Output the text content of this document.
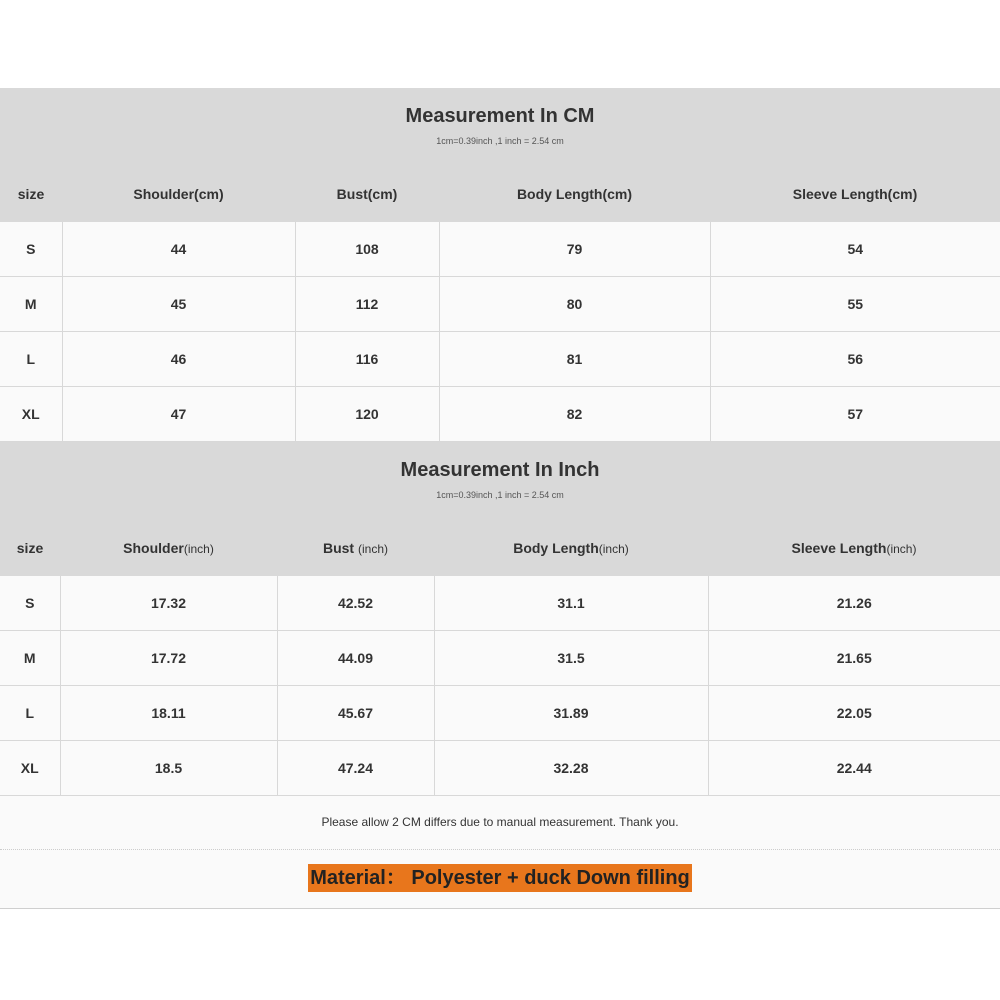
Measurement In CM
1cm=0.39inch ,1 inch = 2.54 cm
size	Shoulder(cm)	Bust(cm)	Body Length(cm)	Sleeve Length(cm)
S	44	108	79	54
M	45	112	80	55
L	46	116	81	56
XL	47	120	82	57
Measurement In Inch
1cm=0.39inch ,1 inch = 2.54 cm
size	Shoulder(inch)	Bust (inch)	Body Length(inch)	Sleeve Length(inch)
S	17.32	42.52	31.1	21.26
M	17.72	44.09	31.5	21.65
L	18.11	45.67	31.89	22.05
XL	18.5	47.24	32.28	22.44
Please allow 2 CM differs due to manual measurement. Thank you.
Material： Polyester + duck Down filling
